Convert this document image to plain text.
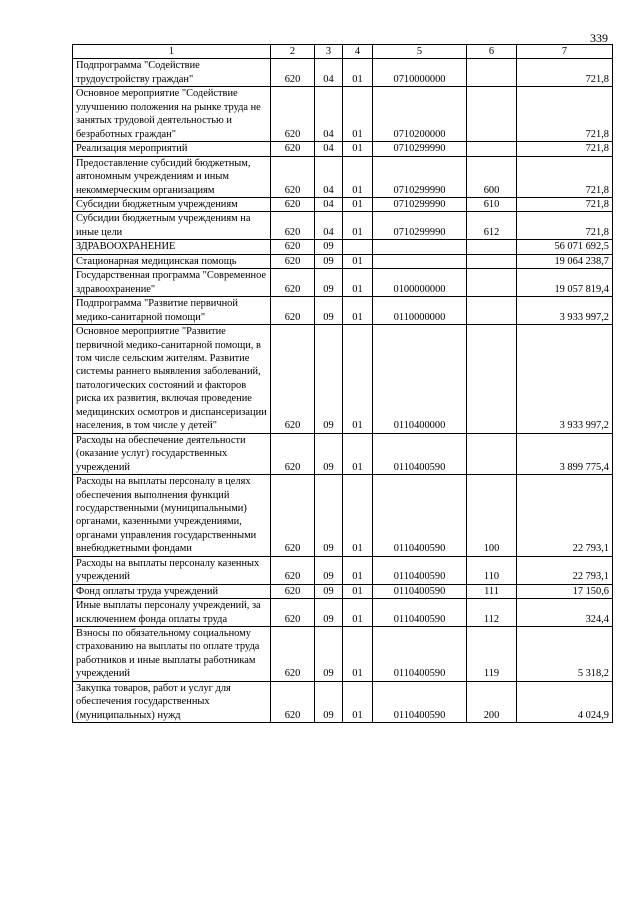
339
1	2	3	4	5	6	7
Подпрограмма "Содействие трудоустройству граждан"	620	04	01	0710000000		721,8
Основное мероприятие "Содействие улучшению положения на рынке труда не занятых трудовой деятельностью и безработных граждан"	620	04	01	0710200000		721,8
Реализация мероприятий	620	04	01	0710299990		721,8
Предоставление субсидий бюджетным, автономным учреждениям и иным некоммерческим организациям	620	04	01	0710299990	600	721,8
Субсидии бюджетным учреждениям	620	04	01	0710299990	610	721,8
Субсидии бюджетным учреждениям на иные цели	620	04	01	0710299990	612	721,8
ЗДРАВООХРАНЕНИЕ	620	09				56 071 692,5
Стационарная медицинская помощь	620	09	01			19 064 238,7
Государственная программа "Современное здравоохранение"	620	09	01	0100000000		19 057 819,4
Подпрограмма "Развитие первичной медико-санитарной помощи"	620	09	01	0110000000		3 933 997,2
Основное мероприятие "Развитие первичной медико-санитарной помощи, в том числе сельским жителям. Развитие системы раннего выявления заболеваний, патологических состояний и факторов риска их развития, включая проведение медицинских осмотров и диспансеризации населения, в том числе у детей"	620	09	01	0110400000		3 933 997,2
Расходы на обеспечение деятельности (оказание услуг) государственных учреждений	620	09	01	0110400590		3 899 775,4
Расходы на выплаты персоналу в целях обеспечения выполнения функций государственными (муниципальными) органами, казенными учреждениями, органами управления государственными внебюджетными фондами	620	09	01	0110400590	100	22 793,1
Расходы на выплаты персоналу казенных учреждений	620	09	01	0110400590	110	22 793,1
Фонд оплаты труда учреждений	620	09	01	0110400590	111	17 150,6
Иные выплаты персоналу учреждений, за исключением фонда оплаты труда	620	09	01	0110400590	112	324,4
Взносы по обязательному социальному страхованию на выплаты по оплате труда работников и иные выплаты работникам учреждений	620	09	01	0110400590	119	5 318,2
Закупка товаров, работ и услуг для обеспечения государственных (муниципальных) нужд	620	09	01	0110400590	200	4 024,9
